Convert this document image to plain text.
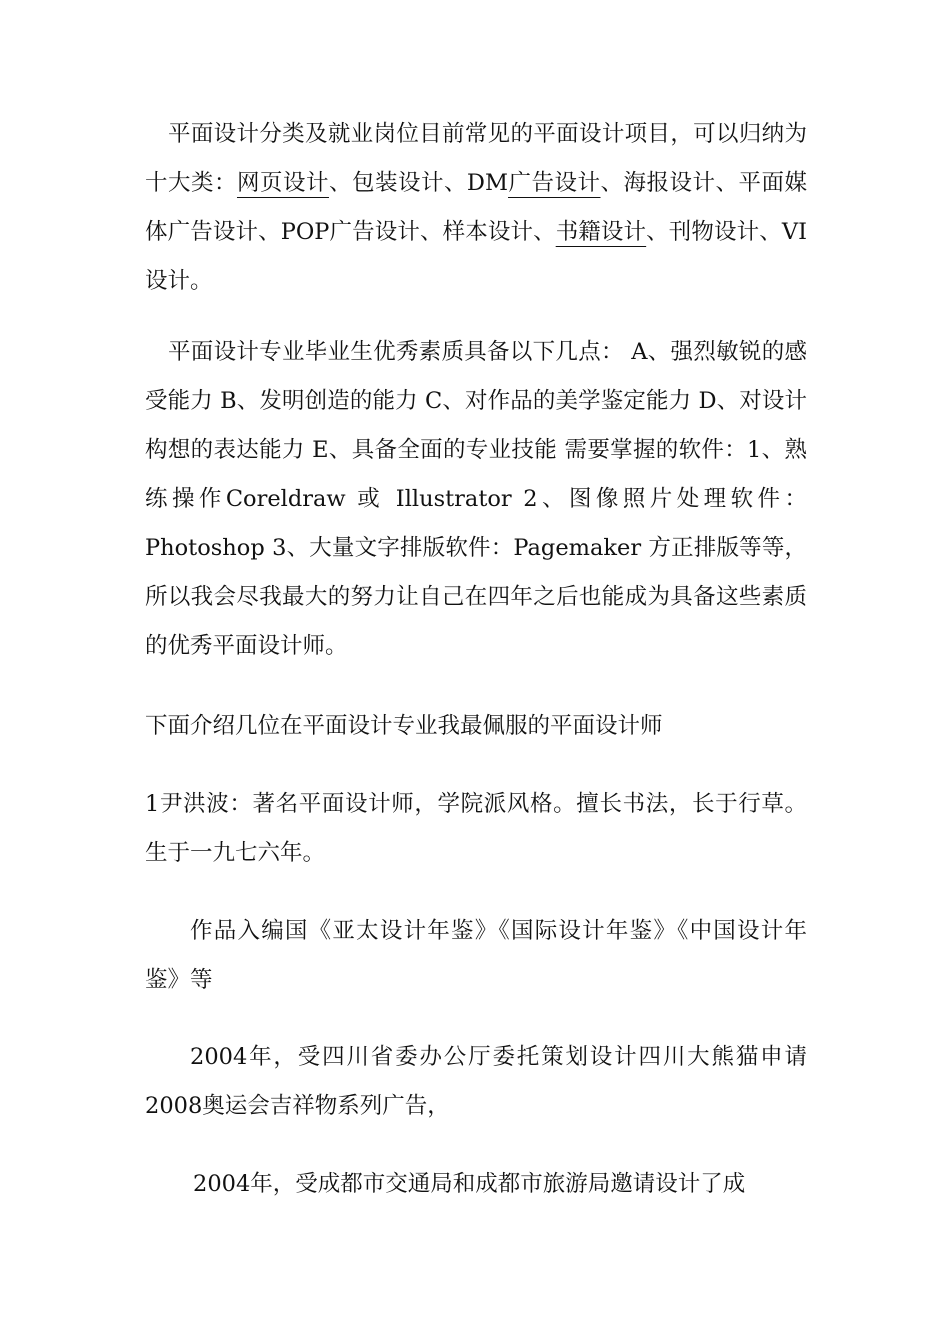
平面设计分类及就业岗位目前常见的平面设计项目，可以归纳为十大类：网页设计、包装设计、DM广告设计、海报设计、平面媒体广告设计、POP广告设计、样本设计、书籍设计、刊物设计、VI设计。

平面设计专业毕业生优秀素质具备以下几点： A、强烈敏锐的感受能力 B、发明创造的能力 C、对作品的美学鉴定能力 D、对设计构想的表达能力 E、具备全面的专业技能 需要掌握的软件：1、熟练操作Coreldraw 或 Illustrator 2、图像照片处理软件：Photoshop 3、大量文字排版软件：Pagemaker 方正排版等等，所以我会尽我最大的努力让自己在四年之后也能成为具备这些素质的优秀平面设计师。

下面介绍几位在平面设计专业我最佩服的平面设计师

1尹洪波：著名平面设计师，学院派风格。擅长书法，长于行草。生于一九七六年。

作品入编国《亚太设计年鉴》《国际设计年鉴》《中国设计年鉴》等

2004年，受四川省委办公厅委托策划设计四川大熊猫申请2008奥运会吉祥物系列广告，

2004年，受成都市交通局和成都市旅游局邀请设计了成
